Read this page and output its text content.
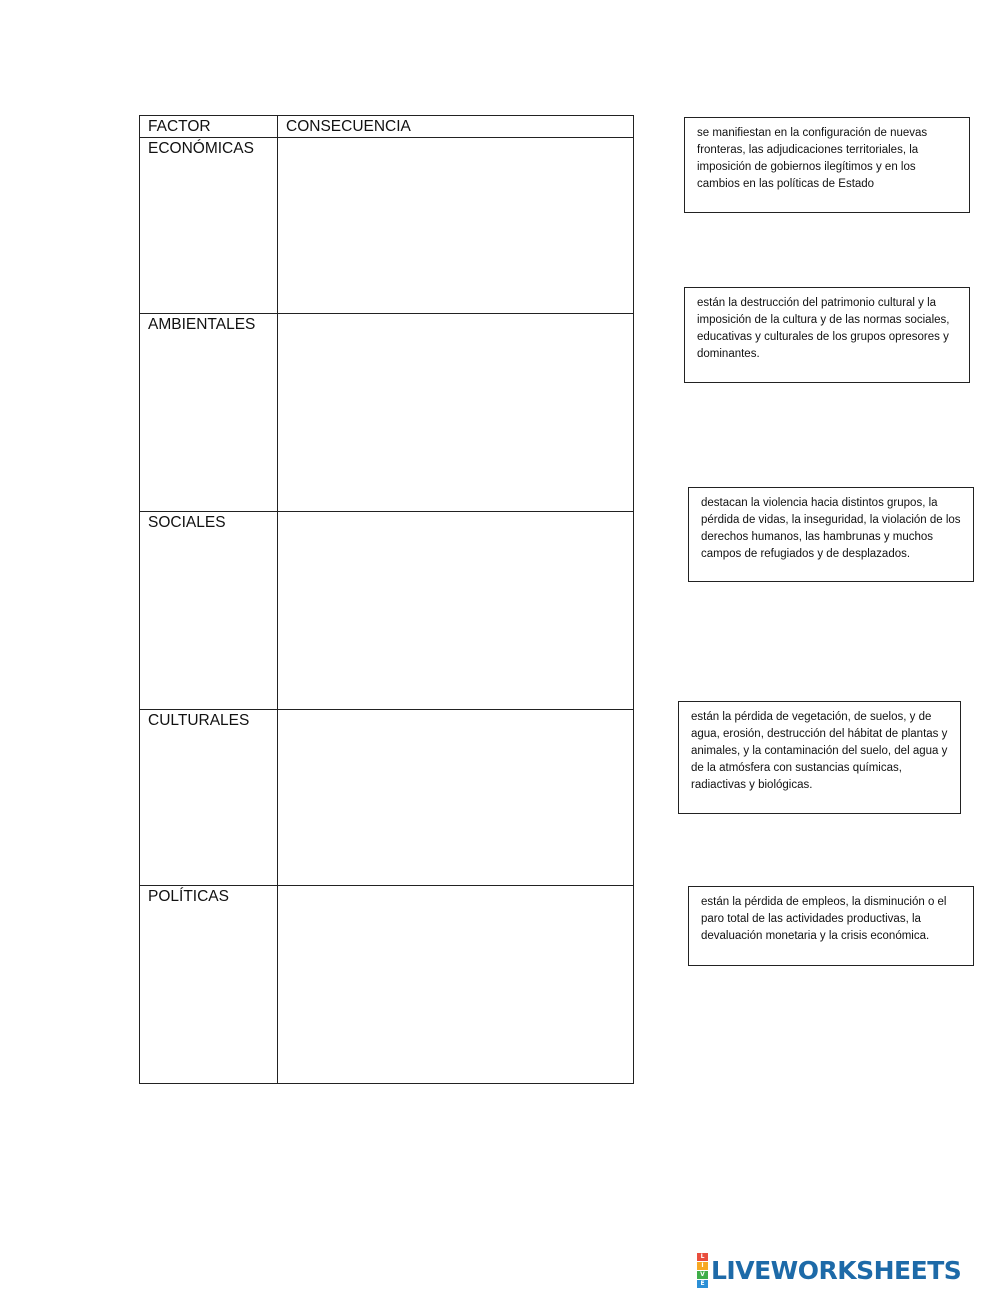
FACTOR	CONSECUENCIA
ECONÓMICAS	
AMBIENTALES	
SOCIALES	
CULTURALES	
POLÍTICAS	
se manifiestan en la configuración de nuevas fronteras, las adjudicaciones territoriales, la imposición de gobiernos ilegítimos y en los cambios en las políticas de Estado
están la destrucción del patrimonio cultural y la imposición de la cultura y de las normas sociales, educativas y culturales de los grupos opresores y dominantes.
destacan la violencia hacia distintos grupos, la pérdida de vidas, la inseguridad, la violación de los derechos humanos, las hambrunas y muchos campos de refugiados y de desplazados.
están la pérdida de vegetación, de suelos, y de agua, erosión, destrucción del hábitat de plantas y animales, y la contaminación del suelo, del agua y de la atmósfera con sustancias químicas, radiactivas y biológicas.
están la pérdida de empleos, la disminución o el paro total de las actividades productivas, la devaluación monetaria y la crisis económica.
L
I
V
E LIVEWORKSHEETS
